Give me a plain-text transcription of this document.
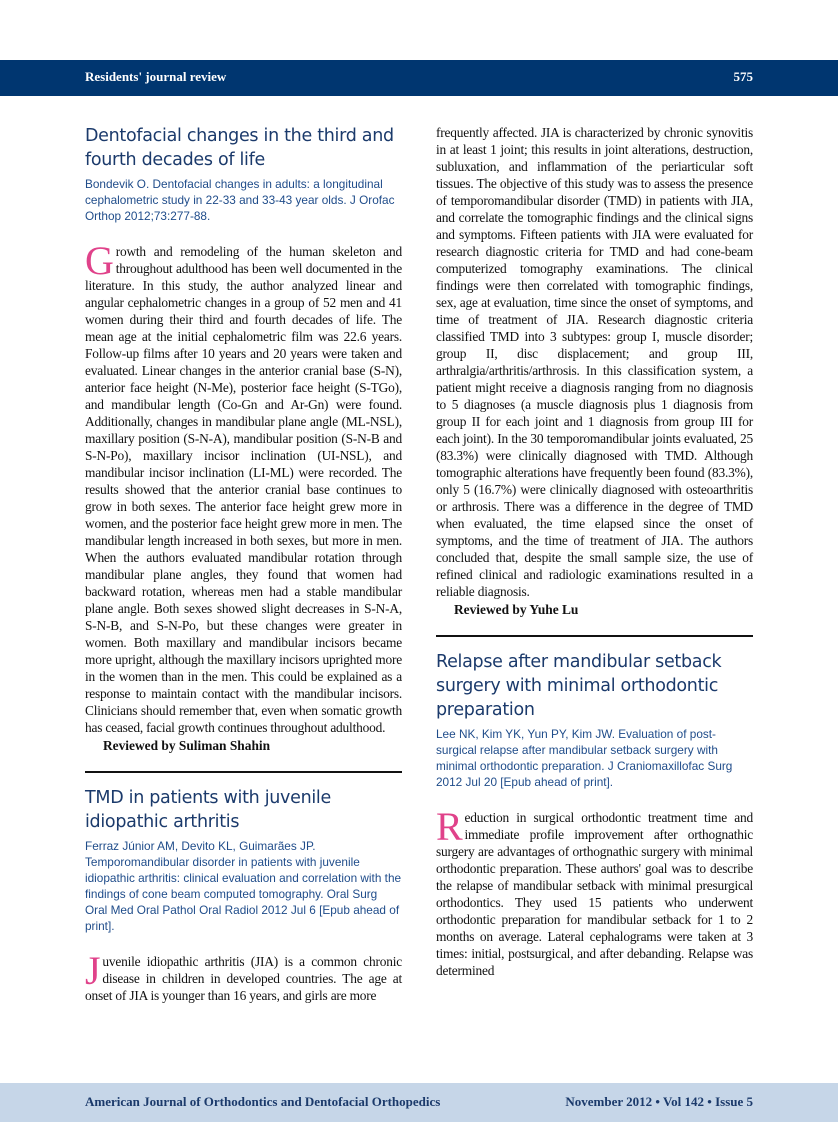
Residents' journal review	575
Dentofacial changes in the third and fourth decades of life
Bondevik O. Dentofacial changes in adults: a longitudinal cephalometric study in 22-33 and 33-43 year olds. J Orofac Orthop 2012;73:277-88.

Growth and remodeling of the human skeleton and throughout adulthood has been well documented in the literature. In this study, the author analyzed linear and angular cephalometric changes in a group of 52 men and 41 women during their third and fourth decades of life. The mean age at the initial cephalometric film was 22.6 years. Follow-up films after 10 years and 20 years were taken and evaluated. Linear changes in the anterior cranial base (S-N), anterior face height (N-Me), posterior face height (S-TGo), and mandibular length (Co-Gn and Ar-Gn) were found. Additionally, changes in mandibular plane angle (ML-NSL), maxillary position (S-N-A), mandibular position (S-N-B and S-N-Po), maxillary incisor inclination (UI-NSL), and mandibular incisor inclination (LI-ML) were recorded. The results showed that the anterior cranial base continues to grow in both sexes. The anterior face height grew more in women, and the posterior face height grew more in men. The mandibular length increased in both sexes, but more in men. When the authors evaluated mandibular rotation through mandibular plane angles, they found that women had backward rotation, whereas men had a stable mandibular plane angle. Both sexes showed slight decreases in S-N-A, S-N-B, and S-N-Po, but these changes were greater in women. Both maxillary and mandibular incisors became more upright, although the maxillary incisors uprighted more in the women than in the men. This could be explained as a response to maintain contact with the mandibular incisors. Clinicians should remember that, even when somatic growth has ceased, facial growth continues throughout adulthood.

Reviewed by Suliman Shahin
TMD in patients with juvenile idiopathic arthritis
Ferraz Júnior AM, Devito KL, Guimarães JP. Temporomandibular disorder in patients with juvenile idiopathic arthritis: clinical evaluation and correlation with the findings of cone beam computed tomography. Oral Surg Oral Med Oral Pathol Oral Radiol 2012 Jul 6 [Epub ahead of print].

Juvenile idiopathic arthritis (JIA) is a common chronic disease in children in developed countries. The age at onset of JIA is younger than 16 years, and girls are more

frequently affected. JIA is characterized by chronic synovitis in at least 1 joint; this results in joint alterations, destruction, subluxation, and inflammation of the periarticular soft tissues. The objective of this study was to assess the presence of temporomandibular disorder (TMD) in patients with JIA, and correlate the tomographic findings and the clinical signs and symptoms. Fifteen patients with JIA were evaluated for research diagnostic criteria for TMD and had cone-beam computerized tomography examinations. The clinical findings were then correlated with tomographic findings, sex, age at evaluation, time since the onset of symptoms, and time of treatment of JIA. Research diagnostic criteria classified TMD into 3 subtypes: group I, muscle disorder; group II, disc displacement; and group III, arthralgia/arthritis/arthrosis. In this classification system, a patient might receive a diagnosis ranging from no diagnosis to 5 diagnoses (a muscle diagnosis plus 1 diagnosis from group II for each joint and 1 diagnosis from group III for each joint). In the 30 temporomandibular joints evaluated, 25 (83.3%) were clinically diagnosed with TMD. Although tomographic alterations have frequently been found (83.3%), only 5 (16.7%) were clinically diagnosed with osteoarthritis or arthrosis. There was a difference in the degree of TMD when evaluated, the time elapsed since the onset of symptoms, and the time of treatment of JIA. The authors concluded that, despite the small sample size, the use of refined clinical and radiologic examinations resulted in a reliable diagnosis.

Reviewed by Yuhe Lu
Relapse after mandibular setback surgery with minimal orthodontic preparation
Lee NK, Kim YK, Yun PY, Kim JW. Evaluation of post-surgical relapse after mandibular setback surgery with minimal orthodontic preparation. J Craniomaxillofac Surg 2012 Jul 20 [Epub ahead of print].

Reduction in surgical orthodontic treatment time and immediate profile improvement after orthognathic surgery are advantages of orthognathic surgery with minimal orthodontic preparation. These authors' goal was to describe the relapse of mandibular setback with minimal presurgical orthodontics. They used 15 patients who underwent orthodontic preparation for mandibular setback for 1 to 2 months on average. Lateral cephalograms were taken at 3 times: initial, postsurgical, and after debanding. Relapse was determined

American Journal of Orthodontics and Dentofacial Orthopedics	November 2012 • Vol 142 • Issue 5
